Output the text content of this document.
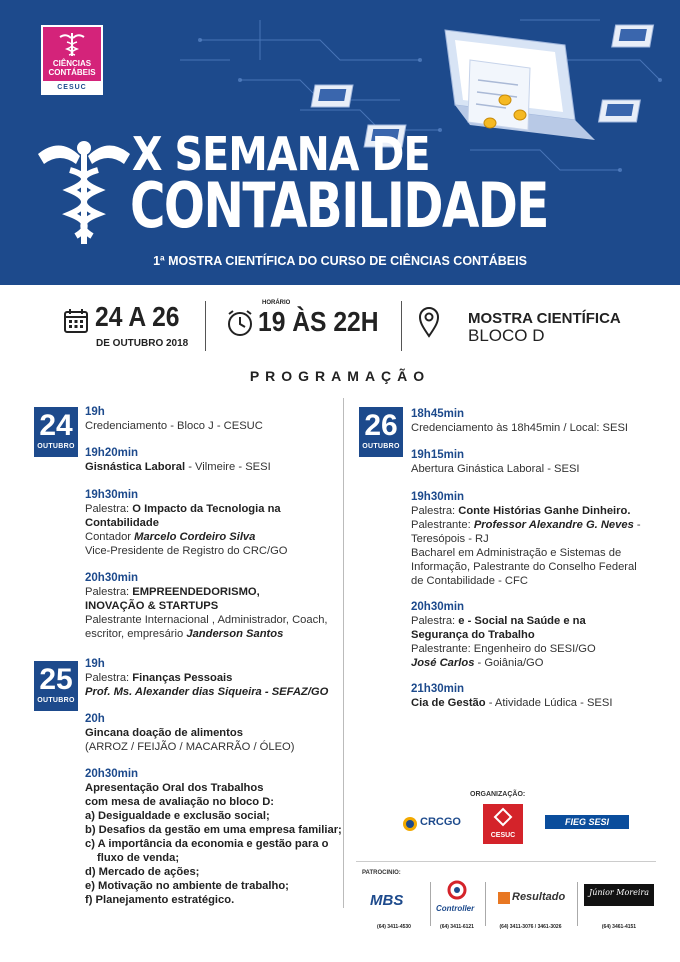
CIÊNCIAS
CONTÁBEIS
CESUC
X SEMANA DE
CONTABILIDADE
1ª MOSTRA CIENTÍFICA DO CURSO DE CIÊNCIAS CONTÁBEIS
24 A 26
DE OUTUBRO 2018
HORÁRIO
19 ÀS 22H	MOSTRA CIENTÍFICA
BLOCO D
PROGRAMAÇÃO
24
OUTUBRO
19h
Credenciamento - Bloco J - CESUC
19h20min
Gisnástica Laboral - Vilmeire - SESI
19h30min
Palestra: O Impacto da Tecnologia na
Contabilidade
Contador Marcelo Cordeiro Silva
Vice-Presidente de Registro do CRC/GO
20h30min
Palestra: EMPREENDEDORISMO,
INOVAÇÃO & STARTUPS
Palestrante Internacional , Administrador, Coach,
escritor, empresário Janderson Santos
25
OUTUBRO
19h
Palestra: Finanças Pessoais
Prof. Ms. Alexander dias Siqueira - SEFAZ/GO
20h
Gincana doação de alimentos
(ARROZ / FEIJÃO / MACARRÃO / ÓLEO)
20h30min
Apresentação Oral dos Trabalhos
com mesa de avaliação no bloco D:
a) Desigualdade e exclusão social;
b) Desafios da gestão em uma empresa familiar;
c) A importância da economia e gestão para o
fluxo de venda;
d) Mercado de ações;
e) Motivação no ambiente de trabalho;
f) Planejamento estratégico.
26
OUTUBRO
18h45min
Credenciamento às 18h45min / Local: SESI
19h15min
Abertura Ginástica Laboral - SESI
19h30min
Palestra: Conte Histórias Ganhe Dinheiro.
Palestrante: Professor Alexandre G. Neves -
Teresópois - RJ
Bacharel em Administração e Sistemas de
Informação, Palestrante do Conselho Federal
de Contabilidade - CFC
20h30min
Palestra: e - Social na Saúde e na
Segurança do Trabalho
Palestrante: Engenheiro do SESI/GO
José Carlos - Goiânia/GO
21h30min
Cia de Gestão - Atividade Lúdica - SESI
ORGANIZAÇÃO:
CRCGO
CESUC
FIEG SESI
PATROCINIO:
MBS
(64) 3411-4530
Controller
(64) 3411-6121
Resultado
(64) 3411-3076 / 3461-3026
Júnior Moreira
(64) 3461-4151
